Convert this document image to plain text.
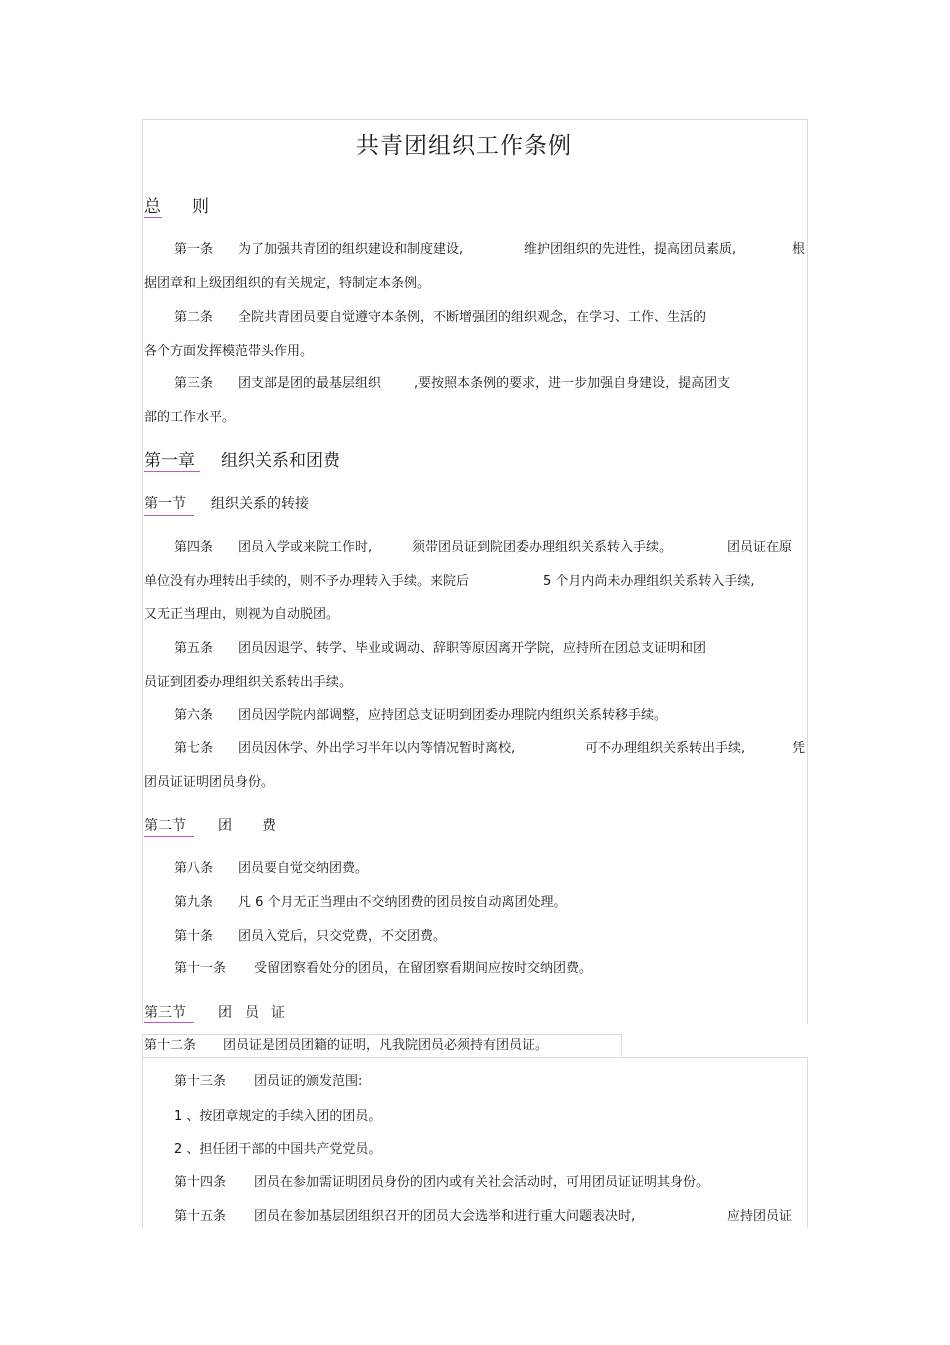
共青团组织工作条例
总 则
第一条 为了加强共青团的组织建设和制度建设,	维护团组织的先进性，提高团员素质,	根
据团章和上级团组织的有关规定，特制定本条例。
第二条 全院共青团员要自觉遵守本条例，不断增强团的组织观念，在学习、工作、生活的
各个方面发挥模范带头作用。
第三条 团支部是团的最基层组织	,要按照本条例的要求，进一步加强自身建设，提高团支
部的工作水平。
第一章 组织关系和团费
第一节 组织关系的转接
第四条 团员入学或来院工作时,	须带团员证到院团委办理组织关系转入手续。	团员证在原
单位没有办理转出手续的，则不予办理转入手续。来院后	5 个月内尚未办理组织关系转入手续,
又无正当理由，则视为自动脱团。
第五条 团员因退学、转学、毕业或调动、辞职等原因离开学院，应持所在团总支证明和团
员证到团委办理组织关系转出手续。
第六条 团员因学院内部调整，应持团总支证明到团委办理院内组织关系转移手续。
第七条 团员因休学、外出学习半年以内等情况暂时离校,	可不办理组织关系转出手续,	凭
团员证证明团员身份。
第二节 团 费
第八条 团员要自觉交纳团费。
第九条 凡 6 个月无正当理由不交纳团费的团员按自动离团处理。
第十条 团员入党后，只交党费，不交团费。
第十一条 受留团察看处分的团员，在留团察看期间应按时交纳团费。
第三节 团 员 证
第十二条 团员证是团员团籍的证明，凡我院团员必须持有团员证。
第十三条 团员证的颁发范围:
1 、按团章规定的手续入团的团员。
2 、担任团干部的中国共产党党员。
第十四条 团员在参加需证明团员身份的团内或有关社会活动时，可用团员证证明其身份。
第十五条 团员在参加基层团组织召开的团员大会选举和进行重大问题表决时,	应持团员证
